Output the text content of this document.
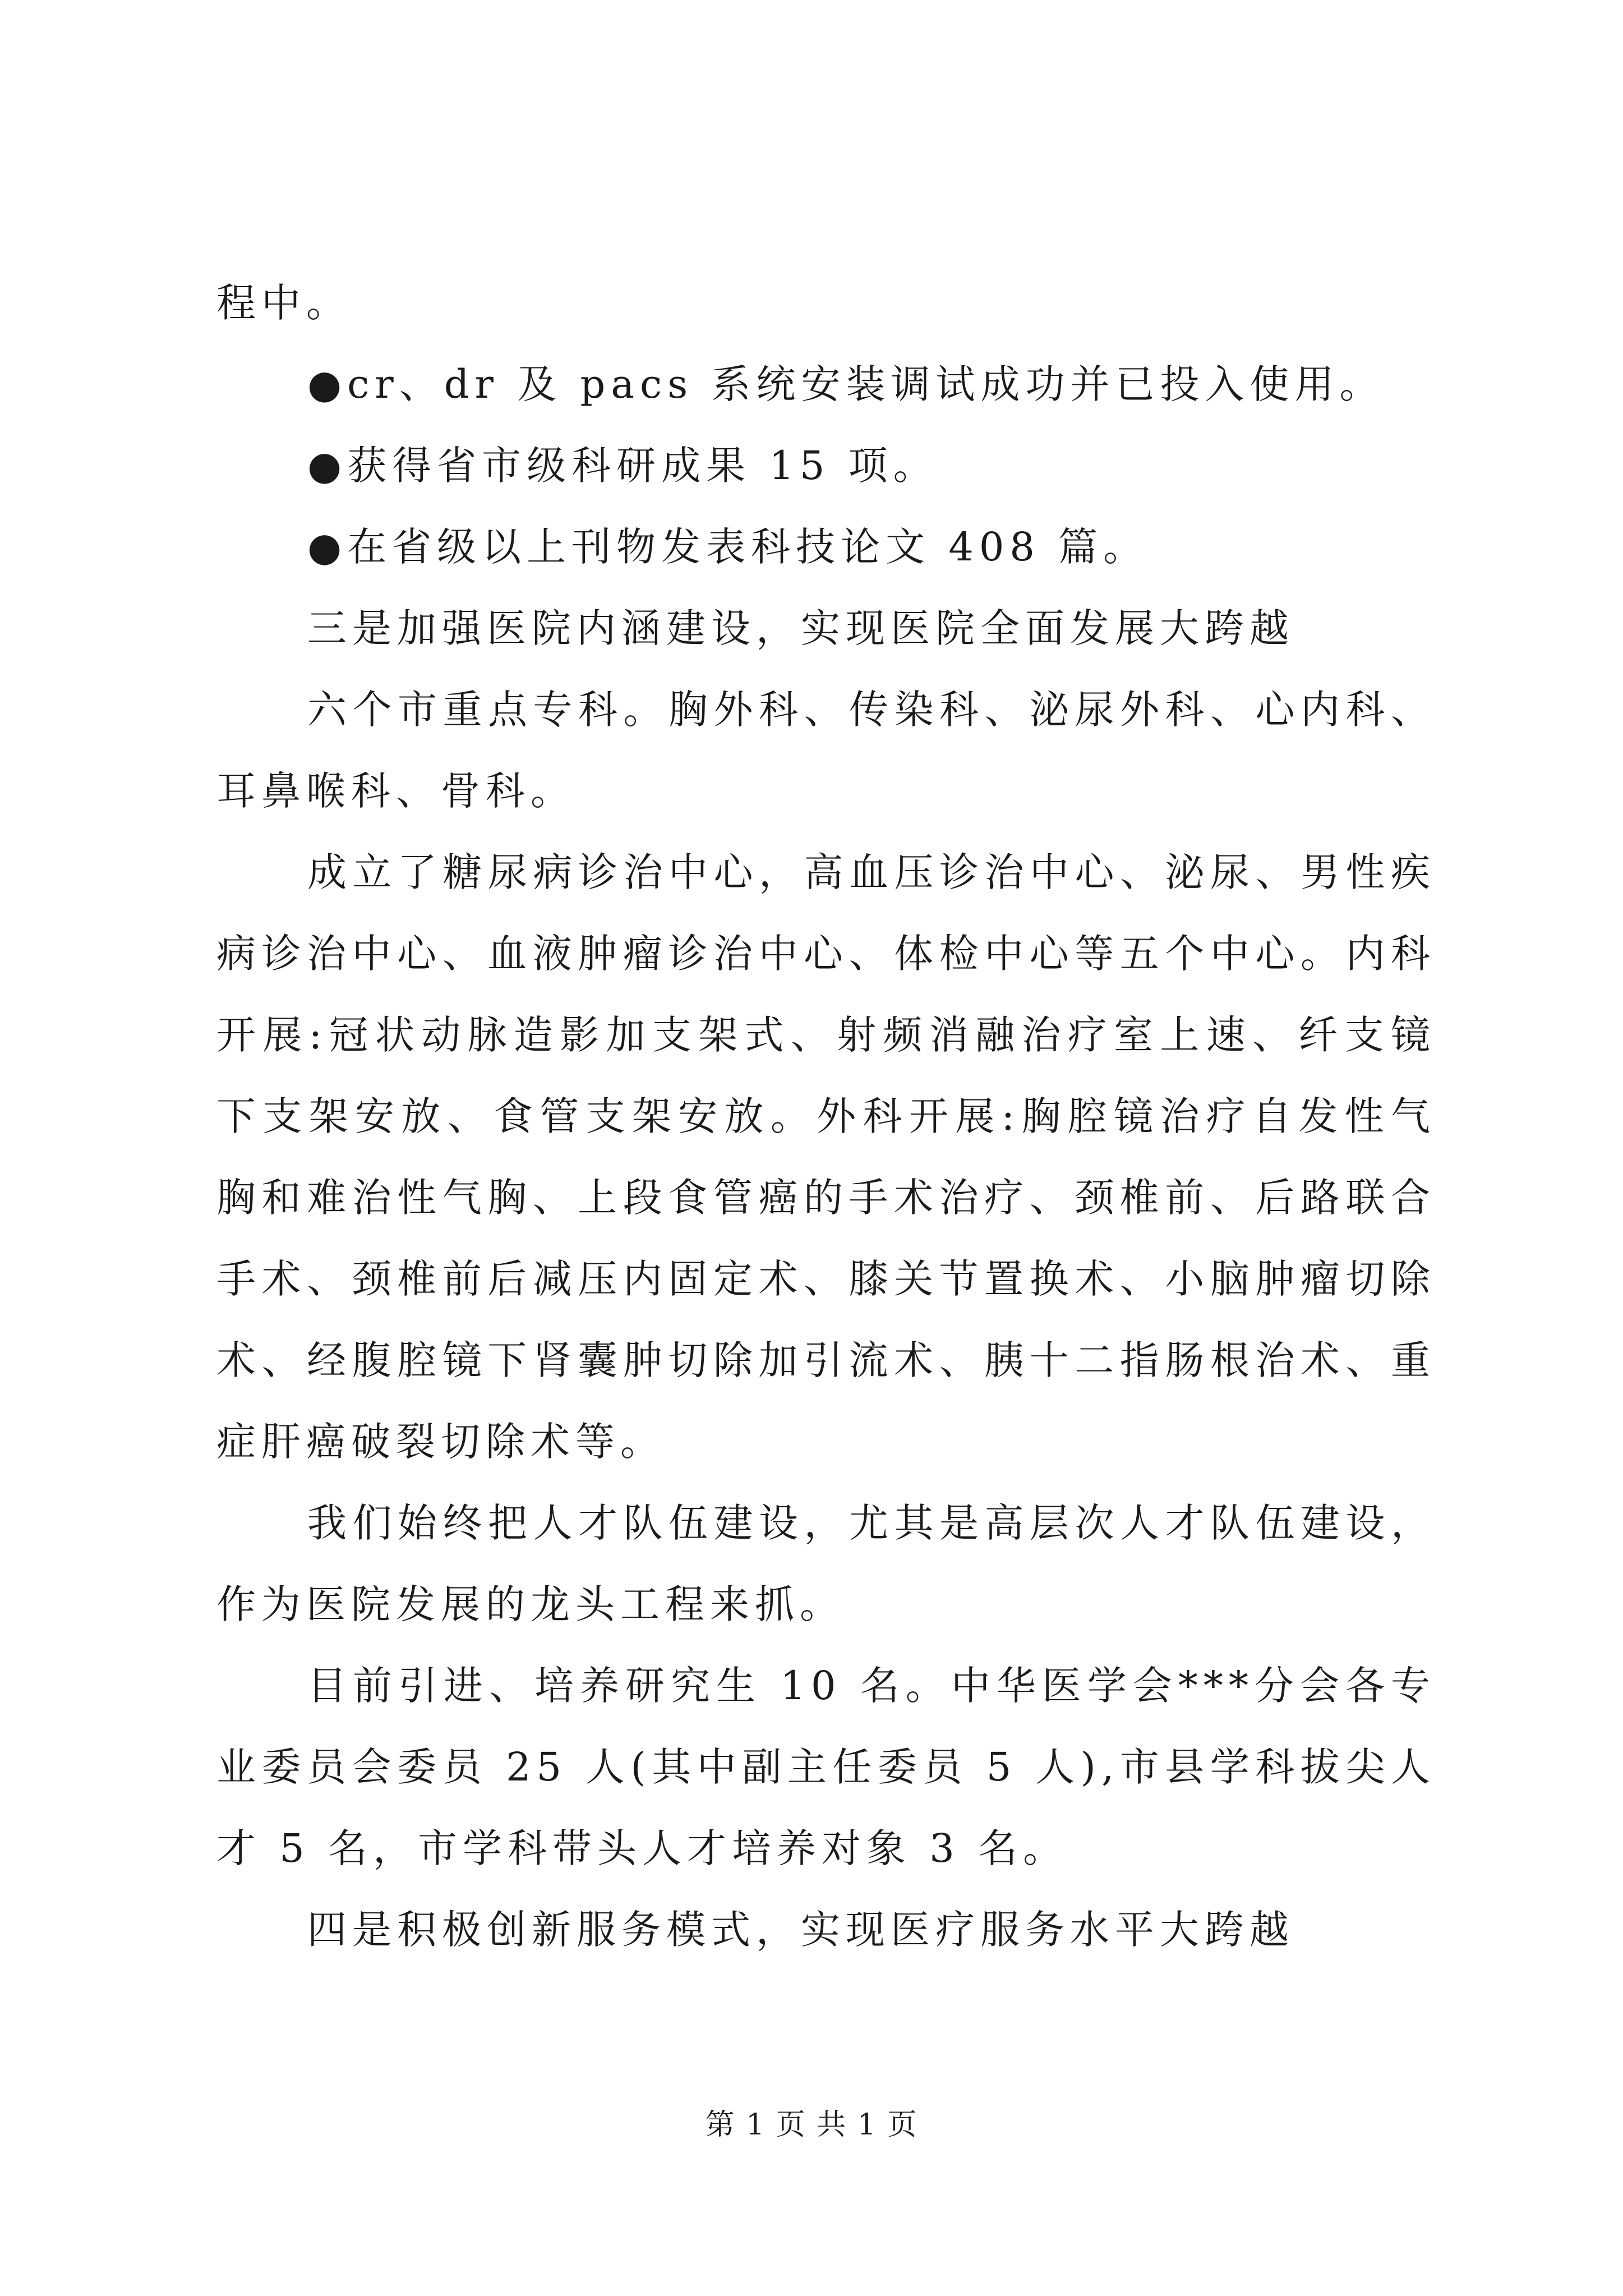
程中。

●cr、dr 及 pacs 系统安装调试成功并已投入使用。

●获得省市级科研成果 15 项。

●在省级以上刊物发表科技论文 408 篇。

三是加强医院内涵建设，实现医院全面发展大跨越

六个市重点专科。胸外科、传染科、泌尿外科、心内科、耳鼻喉科、骨科。

成立了糖尿病诊治中心，高血压诊治中心、泌尿、男性疾病诊治中心、血液肿瘤诊治中心、体检中心等五个中心。内科开展:冠状动脉造影加支架式、射频消融治疗室上速、纤支镜下支架安放、食管支架安放。外科开展:胸腔镜治疗自发性气胸和难治性气胸、上段食管癌的手术治疗、颈椎前、后路联合手术、颈椎前后减压内固定术、膝关节置换术、小脑肿瘤切除术、经腹腔镜下肾囊肿切除加引流术、胰十二指肠根治术、重症肝癌破裂切除术等。

我们始终把人才队伍建设，尤其是高层次人才队伍建设，作为医院发展的龙头工程来抓。

目前引进、培养研究生 10 名。中华医学会***分会各专业委员会委员 25 人(其中副主任委员 5 人),市县学科拔尖人才 5 名，市学科带头人才培养对象 3 名。

四是积极创新服务模式，实现医疗服务水平大跨越

第 1 页 共 1 页
